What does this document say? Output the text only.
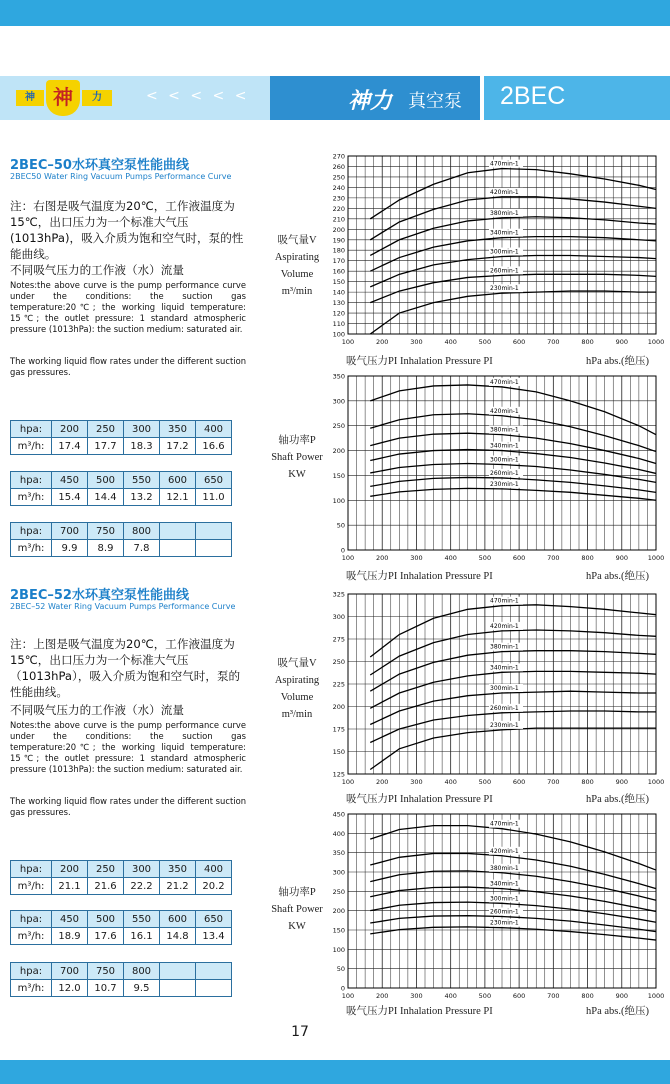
神 神	力	< < < < <	神力 真空泵 2BEC
2BEC–50水环真空泵性能曲线
2BEC50 Water Ring Vacuum Pumps Performance Curve
注：右图是吸气温度为20℃，工作液温度为15℃，出口压力为一个标准大气压(1013hPa)，吸入介质为饱和空气时，泵的性能曲线。
不同吸气压力的工作液（水）流量
Notes:the above curve is the pump performance curve under the conditions: the suction gas temperature:20℃; the working liquid temperature: 15℃; the outlet pressure: 1 standard atmospheric pressure (1013hPa): the suction medium: saturated air.
The working liquid flow rates under the different suction gas pressures.
hpa:	200	250	300	350	400
m³/h:	17.4	17.7	18.3	17.2	16.6
hpa:	450	500	550	600	650
m³/h:	15.4	14.4	13.2	12.1	11.0
hpa:	700	750	800		
m³/h:	9.9	8.9	7.8		
2BEC–52水环真空泵性能曲线
2BEC–52 Water Ring Vacuum Pumps Performance Curve
注：上图是吸气温度为20℃，工作液温度为15℃，出口压力为一个标准大气压（1013hPa），吸入介质为饱和空气时，泵的性能曲线。
不同吸气压力的工作液（水）流量
Notes:the above curve is the pump performance curve under the conditions: the suction gas temperature:20℃; the working liquid temperature: 15℃; the outlet pressure: 1 standard atmospheric pressure (1013hPa): the suction medium: saturated air.
The working liquid flow rates under the different suction gas pressures.
hpa:	200	250	300	350	400
m³/h:	21.1	21.6	22.2	21.2	20.2
hpa:	450	500	550	600	650
m³/h:	18.9	17.6	16.1	14.8	13.4
hpa:	700	750	800		
m³/h:	12.0	10.7	9.5		
吸气量V
Aspirating
Volume
m³/min
轴功率P
Shaft Power
KW
吸气量V
Aspirating
Volume
m³/min
轴功率P
Shaft Power
KW
100
110
120
130
140
150
160
170
180
190
200
210
220
230
240
250
260
270
100	200	300	400	500	600	700	800	900	1000
470min-1
420min-1
380min-1
340min-1
300min-1
260min-1
230min-1
吸气压力PI Inhalation Pressure PI	hPa abs.(绝压)
0
50
100
150
200
250
300
350
100	200	300	400	500	600	700	800	900	1000
470min-1
420min-1
380min-1
340min-1
300min-1
260min-1
230min-1
吸气压力PI Inhalation Pressure PI	hPa abs.(绝压)
125
150
175
200
225
250
275
300
325
100	200	300	400	500	600	700	800	900	1000
470min-1
420min-1
380min-1
340min-1
300min-1
260min-1
230min-1
吸气压力PI Inhalation Pressure PI	hPa abs.(绝压)
0
50
100
150
200
250
300
350
400
450
100	200	300	400	500	600	700	800	900	1000
470min-1
420min-1
380min-1
340min-1
300min-1
260min-1
230min-1
吸气压力PI Inhalation Pressure PI	hPa abs.(绝压)
17
